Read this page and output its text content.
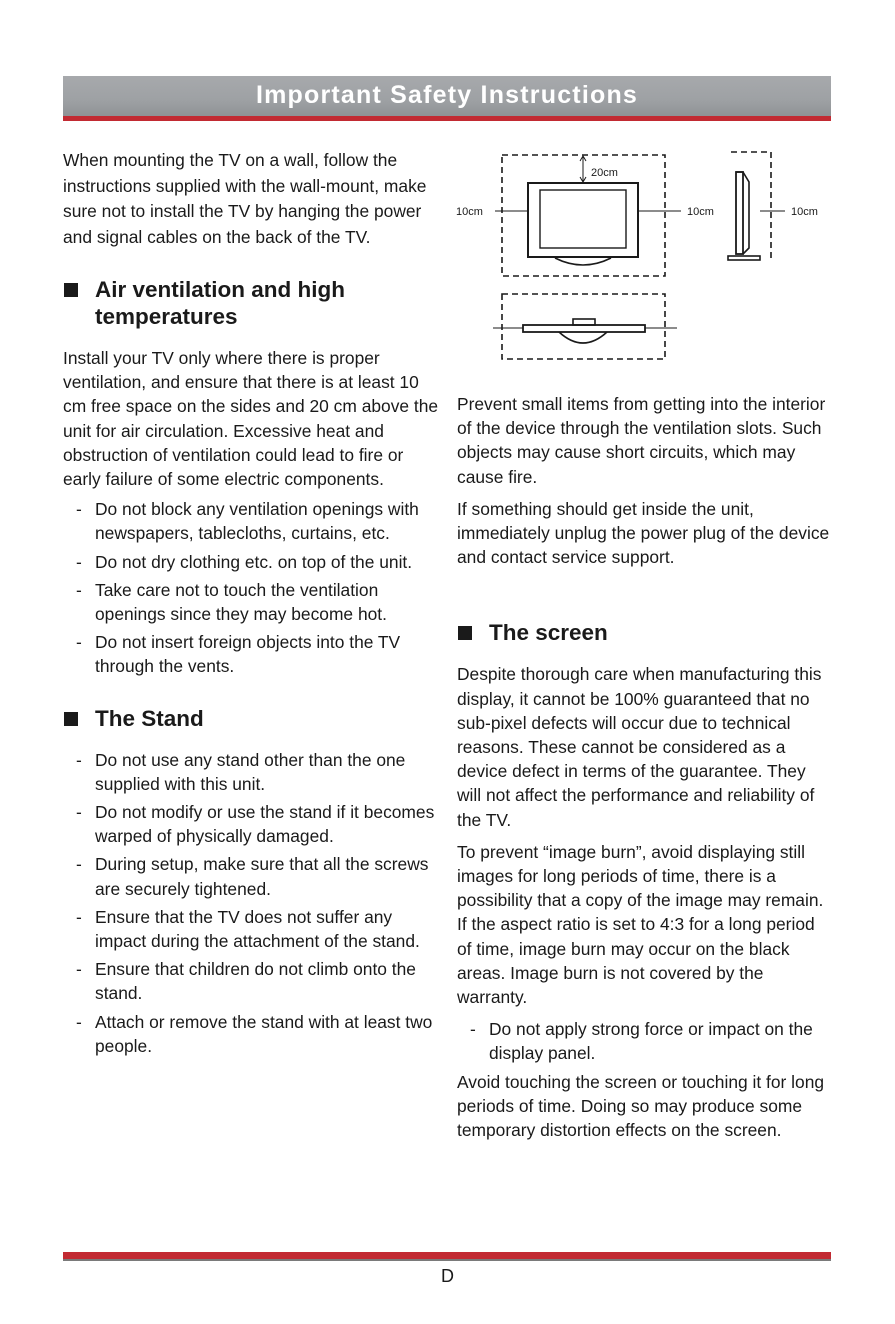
Important Safety Instructions

When mounting the TV on a wall, follow the instructions supplied with the wall-mount, make sure not to install the TV by hanging the power and signal cables on the back of the TV.

Air ventilation and high temperatures

Install your TV only where there is proper ventilation, and ensure that there is at least 10 cm free space on the sides and 20 cm above the unit for air circulation. Excessive heat and obstruction of ventilation could lead to fire or early failure of some electric components.

- Do not block any ventilation openings with newspapers, tablecloths, curtains, etc.
- Do not dry clothing etc. on top of the unit.
- Take care not to touch the ventilation openings since they may become hot.
- Do not insert foreign objects into the TV through the vents.
The Stand
- Do not use any stand other than the one supplied with this unit.
- Do not modify or use the stand if it becomes warped of physically damaged.
- During setup, make sure that all the screws are securely tightened.
- Ensure that the TV does not suffer any impact during the attachment of the stand.
- Ensure that children do not climb onto the stand.
- Attach or remove the stand with at least two people.
20cm
10cm	10cm	10cm

Prevent small items from getting into the interior of the device through the ventilation slots. Such objects may cause short circuits, which may cause fire.

If something should get inside the unit, immediately unplug the power plug of the device and contact service support.

The screen

Despite thorough care when manufacturing this display, it cannot be 100% guaranteed that no sub-pixel defects will occur due to technical reasons. These cannot be considered as a device defect in terms of the guarantee. They will not affect the performance and reliability of the TV.

To prevent “image burn”, avoid displaying still images for long periods of time, there is a possibility that a copy of the image may remain. If the aspect ratio is set to 4:3 for a long period of time, image burn may occur on the black areas. Image burn is not covered by the warranty.

- Do not apply strong force or impact on the display panel.

Avoid touching the screen or touching it for long periods of time. Doing so may produce some temporary distortion effects on the screen.

D
